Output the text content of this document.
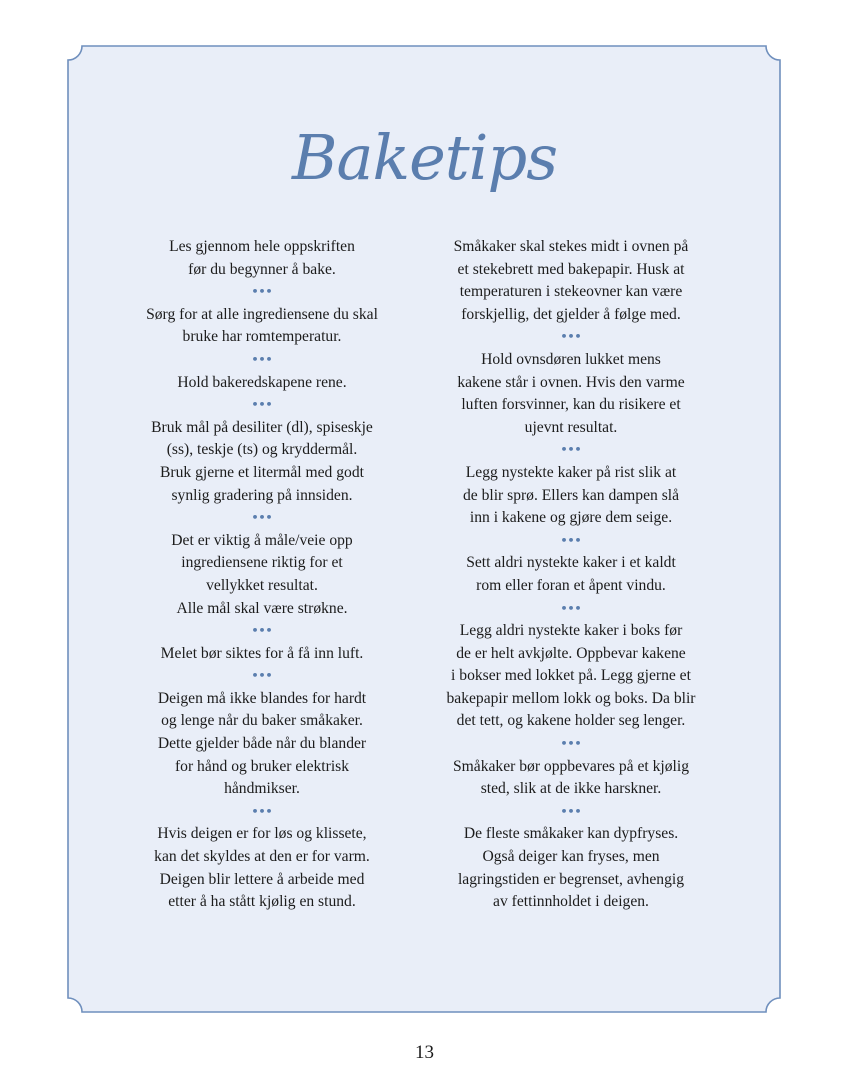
Baketips

Les gjennom hele oppskriften
før du begynner å bake.

•••

Sørg for at alle ingrediensene du skal
bruke har romtemperatur.

•••

Hold bakeredskapene rene.

•••

Bruk mål på desiliter (dl), spiseskje
(ss), teskje (ts) og kryddermål.
Bruk gjerne et litermål med godt
synlig gradering på innsiden.

•••

Det er viktig å måle/veie opp
ingrediensene riktig for et
vellykket resultat.
Alle mål skal være strøkne.

•••

Melet bør siktes for å få inn luft.

•••

Deigen må ikke blandes for hardt
og lenge når du baker småkaker.
Dette gjelder både når du blander
for hånd og bruker elektrisk
håndmikser.

•••

Hvis deigen er for løs og klissete,
kan det skyldes at den er for varm.
Deigen blir lettere å arbeide med
etter å ha stått kjølig en stund.

Småkaker skal stekes midt i ovnen på
et stekebrett med bakepapir. Husk at
temperaturen i stekeovner kan være
forskjellig, det gjelder å følge med.

•••

Hold ovnsdøren lukket mens
kakene står i ovnen. Hvis den varme
luften forsvinner, kan du risikere et
ujevnt resultat.

•••

Legg nystekte kaker på rist slik at
de blir sprø. Ellers kan dampen slå
inn i kakene og gjøre dem seige.

•••

Sett aldri nystekte kaker i et kaldt
rom eller foran et åpent vindu.

•••

Legg aldri nystekte kaker i boks før
de er helt avkjølte. Oppbevar kakene
i bokser med lokket på. Legg gjerne et
bakepapir mellom lokk og boks. Da blir
det tett, og kakene holder seg lenger.

•••

Småkaker bør oppbevares på et kjølig
sted, slik at de ikke harskner.

•••

De fleste småkaker kan dypfryses.
Også deiger kan fryses, men
lagringstiden er begrenset, avhengig
av fettinnholdet i deigen.

13
